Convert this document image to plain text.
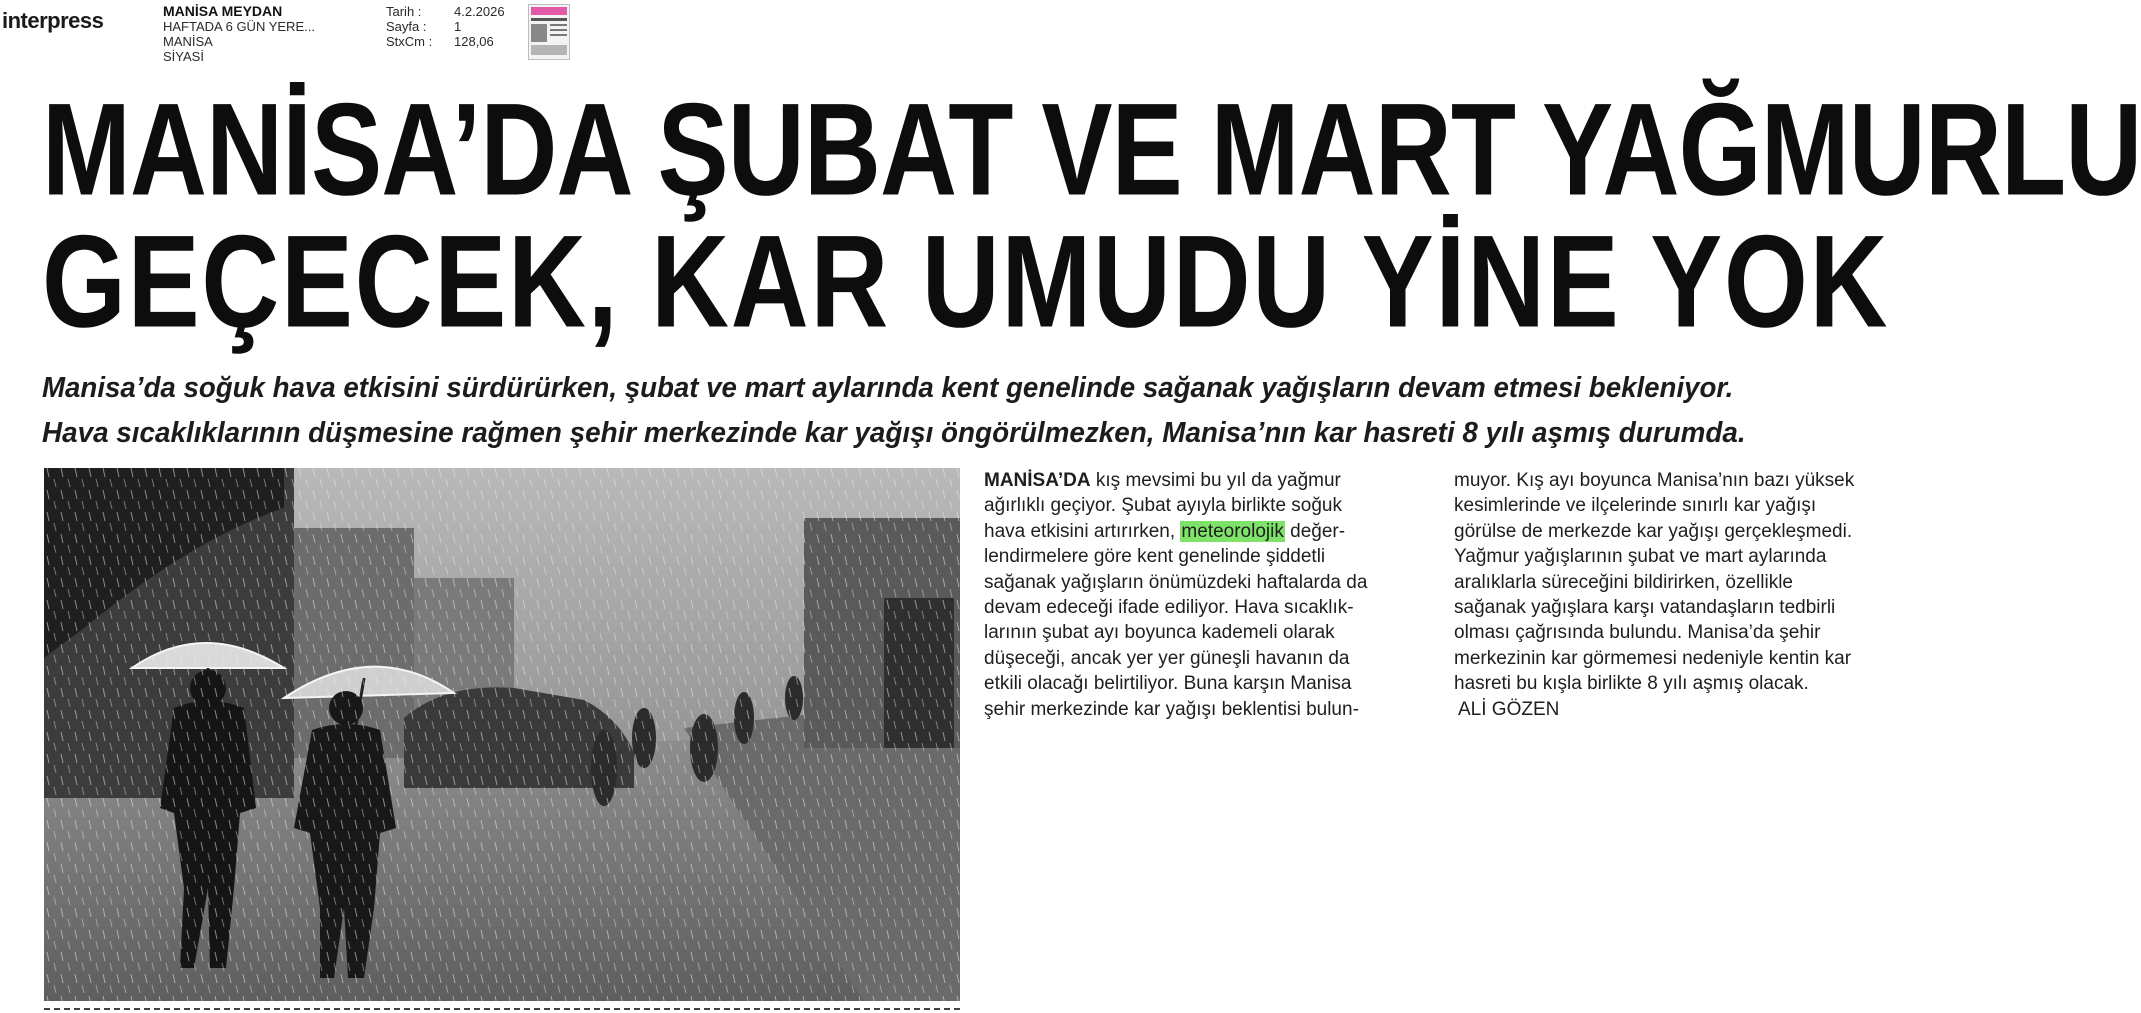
interpress	MANİSA MEYDAN
HAFTADA 6 GÜN YERE...
MANİSA
SİYASİ
Tarih :	4.2.2026
Sayfa :	1
StxCm :	128,06
MANİSA’DA ŞUBAT VE MART YAĞMURLU
GEÇECEK, KAR UMUDU YİNE YOK
Manisa’da soğuk hava etkisini sürdürürken, şubat ve mart aylarında kent genelinde sağanak yağışların devam etmesi bekleniyor.
Hava sıcaklıklarının düşmesine rağmen şehir merkezinde kar yağışı öngörülmezken, Manisa’nın kar hasreti 8 yılı aşmış durumda.
MANİSA’DA kış mevsimi bu yıl da yağmur
ağırlıklı geçiyor. Şubat ayıyla birlikte soğuk
hava etkisini artırırken, meteorolojik değer-
lendirmelere göre kent genelinde şiddetli
sağanak yağışların önümüzdeki haftalarda da
devam edeceği ifade ediliyor. Hava sıcaklık-
larının şubat ayı boyunca kademeli olarak
düşeceği, ancak yer yer güneşli havanın da
etkili olacağı belirtiliyor. Buna karşın Manisa
şehir merkezinde kar yağışı beklentisi bulun-
muyor. Kış ayı boyunca Manisa’nın bazı yüksek
kesimlerinde ve ilçelerinde sınırlı kar yağışı
görülse de merkezde kar yağışı gerçekleşmedi.
Yağmur yağışlarının şubat ve mart aylarında
aralıklarla süreceğini bildirirken, özellikle
sağanak yağışlara karşı vatandaşların tedbirli
olması çağrısında bulundu. Manisa’da şehir
merkezinin kar görmemesi nedeniyle kentin kar
hasreti bu kışla birlikte 8 yılı aşmış olacak.
ALİ GÖZEN
